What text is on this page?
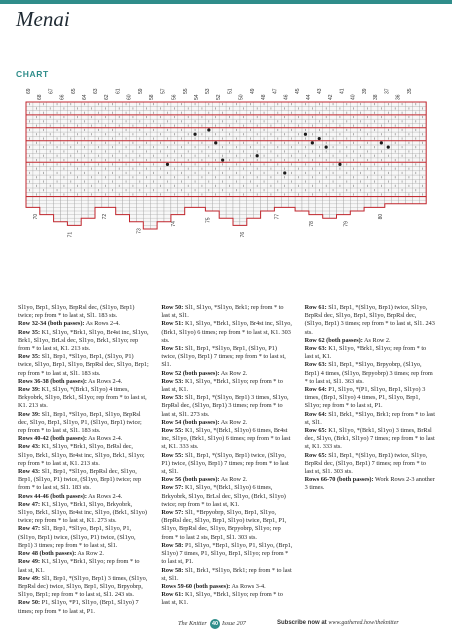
Menai
CHART
69	67	65	63	61	59	57	55	53	51	49	47	45	43	41	39	37	35
68	66	64	62	60	58	56	54	52	50	48	46	44	42	40	38	36
70
71
72
73
74
75
76
77
78	79
80

Sl1yo, Brp1, Sl1yo, BrpRsl dec, (Sl1yo, Brp1) twice; rep from * to last st, Sl1. 183 sts.

Row 32-34 (both passes): As Rows 2-4.

Row 35: K1, Sl1yo, *Brk1, Sl1yo, Br4st inc, Sl1yo, Brk1, Sl1yo, BrLsl dec, Sl1yo, Brk1, Sl1yo; rep from * to last st, K1. 213 sts.

Row 35: Sl1, Brp1, *Sl1yo, Brp1, (Sl1yo, P1) twice, Sl1yo, Brp1, Sl1yo, BrpRsl dec, Sl1yo, Brp1; rep from * to last st, Sl1. 183 sts.

Rows 36-38 (both passes): As Rows 2-4.

Row 39: K1, Sl1yo, *(Brk1, Sl1yo) 4 times, Brkyobrk, Sl1yo, Brk1, Sl1yo; rep from * to last st, K1. 213 sts.

Row 39: Sl1, Brp1, *Sl1yo, Brp1, Sl1yo, BrpRsl dec, Sl1yo, Brp1, Sl1yo, P1, (Sl1yo, Brp1) twice; rep from * to last st, Sl1. 183 sts.

Rows 40-42 (both passes): As Rows 2-4.

Row 43: K1, Sl1yo, *Brk1, Sl1yo, BrRsl dec, Sl1yo, Brk1, Sl1yo, Br4st inc, Sl1yo, Brk1, Sl1yo; rep from * to last st, K1. 213 sts.

Row 43: Sl1, Brp1, *Sl1yo, BrpRsl dec, Sl1yo, Brp1, (Sl1yo, P1) twice, (Sl1yo, Brp1) twice; rep from * to last st, Sl1. 183 sts.

Rows 44-46 (both passes): As Rows 2-4.

Row 47: K1, Sl1yo, *Brk1, Sl1yo, Brkyobrk, Sl1yo, Brk1, Sl1yo, Br4st inc, Sl1yo, (Brk1, Sl1yo) twice; rep from * to last st, K1. 273 sts.

Row 47: Sl1, Brp1, *Sl1yo, Brp1, Sl1yo, P1, (Sl1yo, Brp1) twice, (Sl1yo, P1) twice, (Sl1yo, Brp1) 3 times; rep from * to last st, Sl1.

Row 48 (both passes): As Row 2.

Row 49: K1, Sl1yo, *Brk1, Sl1yo; rep from * to last st, K1.

Row 49: Sl1, Brp1, *(Sl1yo, Brp1) 3 times, (Sl1yo, BrpRsl dec) twice, Sl1yo, Brp1, Sl1yo, Brpyobrp, Sl1yo, Brp1; rep from * to last st, Sl1. 243 sts.

Row 50: P1, Sl1yo, *P1, Sl1yo, (Brp1, Sl1yo) 7 times; rep from * to last st, P1.

Row 50: Sl1, Sl1yo, *Sl1yo, Brk1; rep from * to last st, Sl1.

Row 51: K1, Sl1yo, *Brk1, Sl1yo, Br4st inc, Sl1yo, (Brk1, Sl1yo) 6 times; rep from * to last st, K1. 303 sts.

Row 51: Sl1, Brp1, *Sl1yo, Brp1, (Sl1yo, P1) twice, (Sl1yo, Brp1) 7 times; rep from * to last st, Sl1.

Row 52 (both passes): As Row 2.

Row 53: K1, Sl1yo, *Brk1, Sl1yo; rep from * to last st, K1.

Row 53: Sl1, Brp1, *(Sl1yo, Brp1) 3 times, Sl1yo, BrpRsl dec, (Sl1yo, Brp1) 3 times; rep from * to last st, Sl1. 273 sts.

Row 54 (both passes): As Row 2.

Row 55: K1, Sl1yo, *(Brk1, Sl1yo) 6 times, Br4st inc, Sl1yo, (Brk1, Sl1yo) 6 times; rep from * to last st, K1. 333 sts.

Row 55: Sl1, Brp1, *(Sl1yo, Brp1) twice, (Sl1yo, P1) twice, (Sl1yo, Brp1) 7 times; rep from * to last st, Sl1.

Row 56 (both passes): As Row 2.

Row 57: K1, Sl1yo, *(Brk1, Sl1yo) 6 times, Brkyobrk, Sl1yo, BrLsl dec, Sl1yo, (Brk1, Sl1yo) twice; rep from * to last st, K1.

Row 57: Sl1, *Brpyobrp, Sl1yo, Brp1, Sl1yo, (BrpRsl dec, Sl1yo, Brp1, Sl1yo) twice, Brp1, P1, Sl1yo, BrpRsl dec, Sl1yo, Brpyobrp, Sl1yo; rep from * to last 2 sts, Brp1, Sl1. 303 sts.

Row 58: P1, Sl1yo, *Brp1, Sl1yo, P1, Sl1yo, (Brp1, Sl1yo) 7 times, P1, Sl1yo, Brp1, Sl1yo; rep from * to last st, P1.

Row 58: Sl1, Brk1, *Sl1yo, Brk1; rep from * to last st, Sl1.

Rows 59-60 (both passes): As Rows 3-4.

Row 61: K1, Sl1yo, *Brk1, Sl1yo; rep from * to last st, K1.

Row 61: Sl1, Brp1, *(Sl1yo, Brp1) twice, Sl1yo, BrpRsl dec, Sl1yo, Brp1, Sl1yo, BrpRsl dec, (Sl1yo, Brp1) 3 times; rep from * to last st, Sl1. 243 sts.

Row 62 (both passes): As Row 2.

Row 63: K1, Sl1yo, *Brk1, Sl1yo; rep from * to last st, K1.

Row 63: Sl1, Brp1, *Sl1yo, Brpyobrp, (Sl1yo, Brp1) 4 times, (Sl1yo, Brpyobrp) 3 times; rep from * to last st, Sl1. 363 sts.

Row 64: P1, Sl1yo, *(P1, Sl1yo, Brp1, Sl1yo) 3 times, (Brp1, Sl1yo) 4 times, P1, Sl1yo, Brp1, Sl1yo; rep from * to last st, P1.

Row 64: Sl1, Brk1, *Sl1yo, Brk1; rep from * to last st, Sl1.

Row 65: K1, Sl1yo, *(Brk1, Sl1yo) 3 times, BrRsl dec, Sl1yo, (Brk1, Sl1yo) 7 times; rep from * to last st, K1. 333 sts.

Row 65: Sl1, Brp1, *(Sl1yo, Brp1) twice, Sl1yo, BrpRsl dec, (Sl1yo, Brp1) 7 times; rep from * to last st, Sl1. 303 sts.

Rows 66-70 (both passes): Work Rows 2-3 another 3 times.

The Knitter 40 Issue 207	Subscribe now at www.gathered.how/theknitter
